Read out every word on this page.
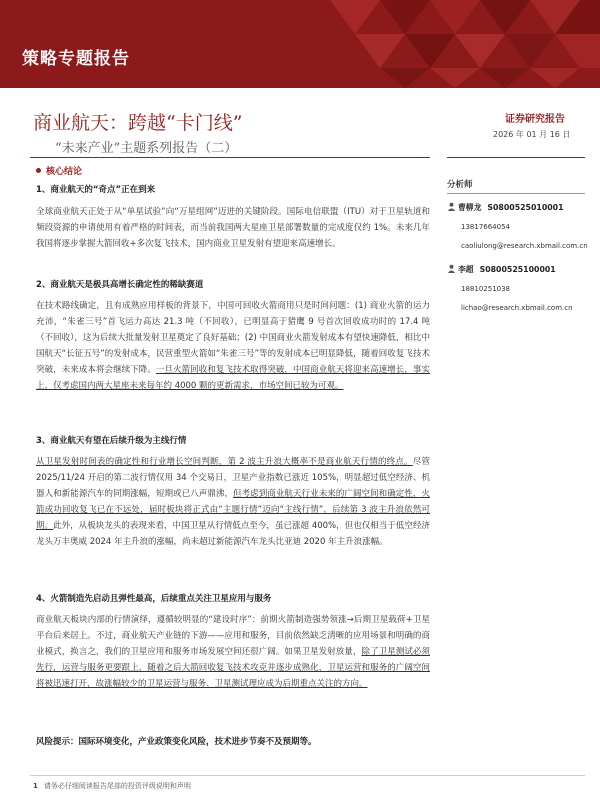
策略专题报告
商业航天：跨越“卡门线”
“未来产业”主题系列报告（二）
证券研究报告
2026 年 01 月 16 日
核心结论
1、商业航天的“奇点”正在到来
全球商业航天正处于从“单星试验”向“万星组网”迈进的关键阶段。国际电信联盟（ITU）对于卫星轨道和频段资源的申请使用有着严格的时间表，而当前我国两大星座卫星部署数量的完成度仅约 1%。未来几年我国将逐步掌握大箭回收+多次复飞技术，国内商业卫星发射有望迎来高速增长。
2、商业航天是极具高增长确定性的稀缺赛道
在技术路线确定，且有成熟应用样板的背景下，中国可回收火箭商用只是时间问题：(1) 商业火箭的运力充沛，“朱雀三号”首飞运力高达 21.3 吨（不回收），已明显高于猎鹰 9 号首次回收成功时的 17.4 吨（不回收），这为后续大批量发射卫星奠定了良好基础；(2) 中国商业火箭发射成本有望快速降低，相比中国航天“长征五号”的发射成本，民营重型火箭如“朱雀三号”等的发射成本已明显降低，随着回收复飞技术突破，未来成本将会继续下降。一旦火箭回收和复飞技术取得突破，中国商业航天将迎来高速增长，事实上，仅考虑国内两大星座未来每年约 4000 颗的更新需求，市场空间已较为可观。
3、商业航天有望在后续升级为主线行情
从卫星发射时间表的确定性和行业增长空间判断，第 2 波主升浪大概率不是商业航天行情的终点。尽管 2025/11/24 开启的第二波行情仅用 34 个交易日，卫星产业指数已涨近 105%，明显超过低空经济、机器人和新能源汽车的同期涨幅，短期或已八声鼎沸，但考虑到商业航天行业未来的广阔空间和确定性，火箭成功回收复飞已在不远处，届时板块将正式由“主题行情”迈向“主线行情”，后续第 3 波主升浪依然可期。此外，从板块龙头的表现来看，中国卫星从行情低点至今，虽已涨超 400%，但也仅相当于低空经济龙头万丰奥威 2024 年主升浪的涨幅，尚未超过新能源汽车龙头比亚迪 2020 年主升浪涨幅。
4、火箭制造先启动且弹性最高，后续重点关注卫星应用与服务
商业航天板块内部的行情演绎，遵循较明显的“建设时序”：前期火箭制造强势领涨→后期卫星载荷+卫星平台后来居上。不过，商业航天产业链的下游——应用和服务，目前依然缺乏清晰的应用场景和明确的商业模式，换言之，我们的卫星应用和服务市场发展空间还很广阔。如果卫星发射放量，除了卫星测试必须先行，运营与服务更要跟上，随着之后大箭回收复飞技术攻克并逐步成熟化，卫星运营和服务的广阔空间将被迅速打开，故涨幅较少的卫星运营与服务、卫星测试理应成为后期重点关注的方向。
风险提示：国际环境变化，产业政策变化风险，技术进步节奏不及预期等。
分析师
曹柳龙 S0800525010001
13817664054
caoliulong@research.xbmail.com.cn
李超 S0800525100001
18810251038
lichao@research.xbmail.com.cn
1 请务必仔细阅读报告尾部的投资评级说明和声明
